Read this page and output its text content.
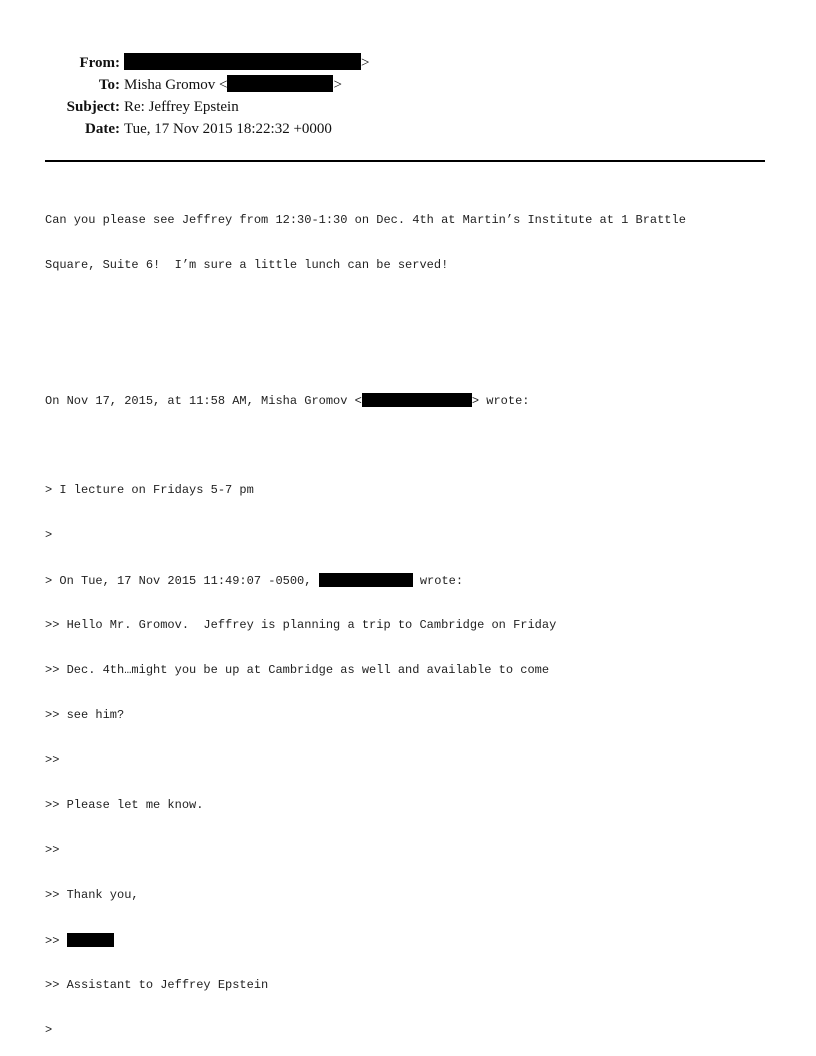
From:	>
To: Misha Gromov <	>
Subject: Re: Jeffrey Epstein
Date: Tue, 17 Nov 2015 18:22:32 +0000

Can you please see Jeffrey from 12:30-1:30 on Dec. 4th at Martin’s Institute at 1 Brattle

Square, Suite 6!  I’m sure a little lunch can be served!

On Nov 17, 2015, at 11:58 AM, Misha Gromov <	> wrote:

> I lecture on Fridays 5-7 pm

>

> On Tue, 17 Nov 2015 11:49:07 -0500,	wrote:

>> Hello Mr. Gromov.  Jeffrey is planning a trip to Cambridge on Friday

>> Dec. 4th…might you be up at Cambridge as well and available to come

>> see him?

>>

>> Please let me know.

>>

>> Thank you,

>>

>> Assistant to Jeffrey Epstein

>
